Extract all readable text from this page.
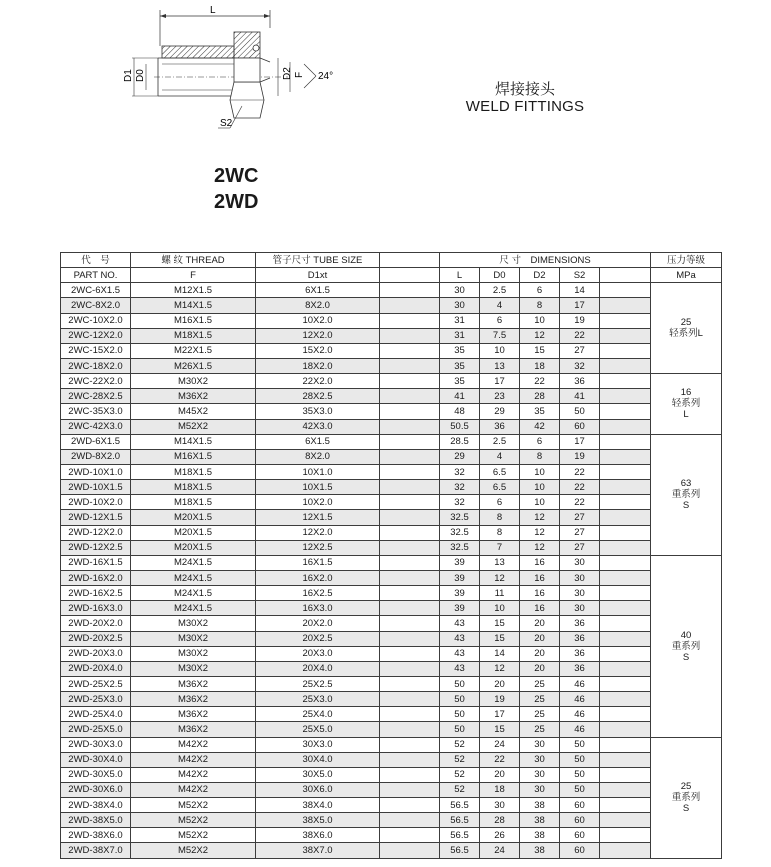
L
D1 D0	D2 F 24°
S2
焊接接头
WELD FITTINGS
2WC
2WD
代　号	螺 纹 THREAD	管子尺寸 TUBE SIZE		尺 寸　DIMENSIONS					压力等级
PART NO.	F	D1xt		L	D0	D2	S2		MPa
2WC-6X1.5	M12X1.5	6X1.5		30	2.5	6	14		25
轻系列L

2WC-8X2.0	M14X1.5	8X2.0		30	4	8	17		
2WC-10X2.0	M16X1.5	10X2.0		31	6	10	19		
2WC-12X2.0	M18X1.5	12X2.0		31	7.5	12	22		
2WC-15X2.0	M22X1.5	15X2.0		35	10	15	27		
2WC-18X2.0	M26X1.5	18X2.0		35	13	18	32		
2WC-22X2.0	M30X2	22X2.0		35	17	22	36		16
轻系列
L

2WC-28X2.5	M36X2	28X2.5		41	23	28	41		
2WC-35X3.0	M45X2	35X3.0		48	29	35	50		
2WC-42X3.0	M52X2	42X3.0		50.5	36	42	60		
2WD-6X1.5	M14X1.5	6X1.5		28.5	2.5	6	17		63
重系列
S

2WD-8X2.0	M16X1.5	8X2.0		29	4	8	19		
2WD-10X1.0	M18X1.5	10X1.0		32	6.5	10	22		
2WD-10X1.5	M18X1.5	10X1.5		32	6.5	10	22		
2WD-10X2.0	M18X1.5	10X2.0		32	6	10	22		
2WD-12X1.5	M20X1.5	12X1.5		32.5	8	12	27		
2WD-12X2.0	M20X1.5	12X2.0		32.5	8	12	27		
2WD-12X2.5	M20X1.5	12X2.5		32.5	7	12	27		
2WD-16X1.5	M24X1.5	16X1.5		39	13	16	30		40
重系列
S

2WD-16X2.0	M24X1.5	16X2.0		39	12	16	30		
2WD-16X2.5	M24X1.5	16X2.5		39	11	16	30		
2WD-16X3.0	M24X1.5	16X3.0		39	10	16	30		
2WD-20X2.0	M30X2	20X2.0		43	15	20	36		
2WD-20X2.5	M30X2	20X2.5		43	15	20	36		
2WD-20X3.0	M30X2	20X3.0		43	14	20	36		
2WD-20X4.0	M30X2	20X4.0		43	12	20	36		
2WD-25X2.5	M36X2	25X2.5		50	20	25	46		
2WD-25X3.0	M36X2	25X3.0		50	19	25	46		
2WD-25X4.0	M36X2	25X4.0		50	17	25	46		
2WD-25X5.0	M36X2	25X5.0		50	15	25	46		
2WD-30X3.0	M42X2	30X3.0		52	24	30	50		25
重系列
S

2WD-30X4.0	M42X2	30X4.0		52	22	30	50		
2WD-30X5.0	M42X2	30X5.0		52	20	30	50		
2WD-30X6.0	M42X2	30X6.0		52	18	30	50		
2WD-38X4.0	M52X2	38X4.0		56.5	30	38	60		
2WD-38X5.0	M52X2	38X5.0		56.5	28	38	60		
2WD-38X6.0	M52X2	38X6.0		56.5	26	38	60		
2WD-38X7.0	M52X2	38X7.0		56.5	24	38	60		
